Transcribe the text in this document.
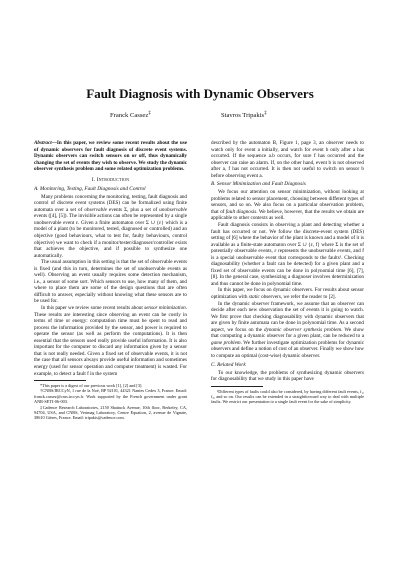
Fault Diagnosis with Dynamic Observers
Franck Cassez‡	Stavros Tripakis‡

Abstract—In this paper, we review some recent results about the use of dynamic observers for fault diagnosis of discrete event systems. Dynamic observers can switch sensors on or off, thus dynamically changing the set of events they wish to observe. We study the dynamic observer synthesis problem and some related optimization problems.

I. Introduction
A. Monitoring, Testing, Fault Diagnosis and Control

Many problems concerning the monitoring, testing, fault diagnosis and control of discrete event systems (DES) can be formalized using finite automata over a set of observable events Σ, plus a set of unobservable events ([4], [5]). The invisible actions can often be represented by a single unobservable event ε. Given a finite automaton over Σ ∪ {ε} which is a model of a plant (to be monitored, tested, diagnosed or controlled) and an objective (good behaviours, what to test for, faulty behaviours, control objective) we want to check if a monitor/tester/diagnoser/controller exists that achieves the objective, and if possible to synthesize one automatically.

The usual assumption in this setting is that the set of observable events is fixed (and this in turn, determines the set of unobservable events as well). Observing an event usually requires some detection mechanism, i.e., a sensor of some sort. Which sensors to use, how many of them, and where to place them are some of the design questions that are often difficult to answer, especially without knowing what these sensors are to be used for.

In this paper we review some recent results about sensor minimization. These results are interesting since observing an event can be costly in terms of time or energy: computation time must be spent to read and process the information provided by the sensor, and power is required to operate the sensor (as well as perform the computations). It is then essential that the sensors used really provide useful information. It is also important for the computer to discard any information given by a sensor that is not really needed. Given a fixed set of observable events, it is not the case that all sensors always provide useful information and sometimes energy (used for sensor operation and computer treatment) is wasted. For example, to detect a fault f in the system

*This paper is a digest of our previous work [1], [2] and [3].

†CNRS/IRCCyN, 1 rue de la Noë, BP 92101, 44321 Nantes Cedex 3, France. Email: franck.cassez@cnrs.irccyn.fr. Work supported by the French government under grant ANR-SETI-06-003.

‡Cadence Research Laboratories, 2150 Shattuck Avenue, 10th floor, Berkeley, CA, 94704, USA, and CNRS, Verimag Laboratory, Centre Equation, 2, avenue de Vignate, 38610 Gières, France. Email: tripakis@cadence.com.

described by the automaton B, Figure 1, page 3, an observer needs to watch only for event a initially, and watch for event b only after a has occurred. If the sequence a.b occurs, for sure f has occurred and the observer can raise an alarm. If, on the other hand, event b is not observed after a, f has not occurred. It is then not useful to switch on sensor b before observing event a.

B. Sensor Minimization and Fault Diagnosis

We focus our attention on sensor minimization, without looking at problems related to sensor placement, choosing between different types of sensors, and so on. We also focus on a particular observation problem, that of fault diagnosis. We believe, however, that the results we obtain are applicable to other contexts as well.

Fault diagnosis consists in observing a plant and detecting whether a fault has occurred or not. We follow the discrete-event system (DES) setting of [6] where the behavior of the plant is known and a model of it is available as a finite-state automaton over Σ ∪ {ε, f} where Σ is the set of potentially observable events, ε represents the unobservable events, and f is a special unobservable event that corresponds to the faults¹. Checking diagnosability (whether a fault can be detected) for a given plant and a fixed set of observable events can be done in polynomial time [6], [7], [8]. In the general case, synthesizing a diagnoser involves determinization and thus cannot be done in polynomial time.

In this paper, we focus on dynamic observers. For results about sensor optimization with static observers, we refer the reader to [2].

In the dynamic observer framework, we assume that an observer can decide after each new observation the set of events it is going to watch. We first prove that checking diagnosability with dynamic observers that are given by finite automata can be done in polynomial time. As a second aspect, we focus on the dynamic observer synthesis problem. We show that computing a dynamic observer for a given plant, can be reduced to a game problem. We further investigate optimization problems for dynamic observers and define a notion of cost of an observer. Finally we show how to compute an optimal (cost-wise) dynamic observer.

C. Related Work

To our knowledge, the problems of synthesizing dynamic observers for diagnosability that we study in this paper have

¹Different types of faults could also be considered, by having different fault events, f₁, f₂, and so on. Our results can be extended in a straightforward way to deal with multiple faults. We restrict our presentation to a single fault event for the sake of simplicity.
